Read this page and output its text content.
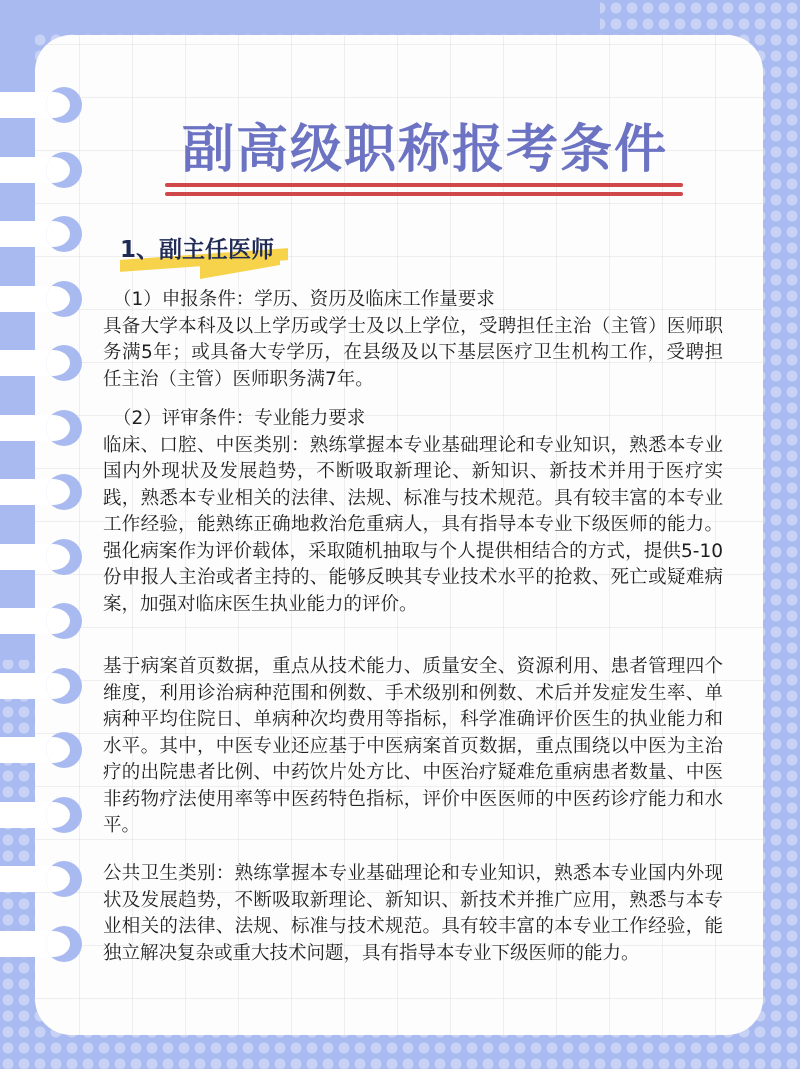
副高级职称报考条件
1、副主任医师

（1）申报条件：学历、资历及临床工作量要求

具备大学本科及以上学历或学士及以上学位，受聘担任主治（主管）医师职务满5年；或具备大专学历，在县级及以下基层医疗卫生机构工作，受聘担任主治（主管）医师职务满7年。

（2）评审条件：专业能力要求

临床、口腔、中医类别：熟练掌握本专业基础理论和专业知识，熟悉本专业国内外现状及发展趋势，不断吸取新理论、新知识、新技术并用于医疗实践，熟悉本专业相关的法律、法规、标准与技术规范。具有较丰富的本专业工作经验，能熟练正确地救治危重病人，具有指导本专业下级医师的能力。强化病案作为评价载体，采取随机抽取与个人提供相结合的方式，提供5-10份申报人主治或者主持的、能够反映其专业技术水平的抢救、死亡或疑难病案，加强对临床医生执业能力的评价。

基于病案首页数据，重点从技术能力、质量安全、资源利用、患者管理四个维度，利用诊治病种范围和例数、手术级别和例数、术后并发症发生率、单病种平均住院日、单病种次均费用等指标，科学准确评价医生的执业能力和水平。其中，中医专业还应基于中医病案首页数据，重点围绕以中医为主治疗的出院患者比例、中药饮片处方比、中医治疗疑难危重病患者数量、中医非药物疗法使用率等中医药特色指标，评价中医医师的中医药诊疗能力和水平。

公共卫生类别：熟练掌握本专业基础理论和专业知识，熟悉本专业国内外现状及发展趋势，不断吸取新理论、新知识、新技术并推广应用，熟悉与本专业相关的法律、法规、标准与技术规范。具有较丰富的本专业工作经验，能独立解决复杂或重大技术问题，具有指导本专业下级医师的能力。
